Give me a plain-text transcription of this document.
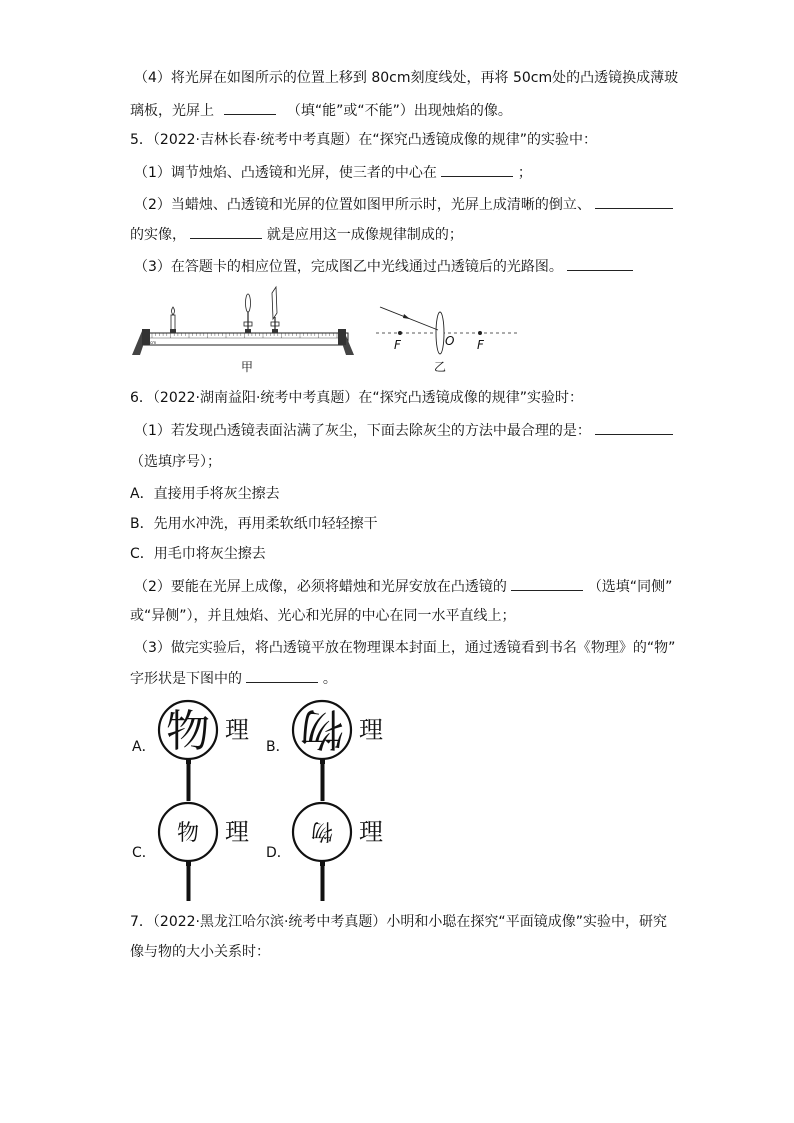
（4）将光屏在如图所示的位置上移到 80cm刻度线处，再将 50cm处的凸透镜换成薄玻
璃板，光屏上	（填“能”或“不能”）出现烛焰的像。
5．（2022·吉林长春·统考中考真题）在“探究凸透镜成像的规律”的实验中：
（1）调节烛焰、凸透镜和光屏，使三者的中心在	；
（2）当蜡烛、凸透镜和光屏的位置如图甲所示时，光屏上成清晰的倒立、
的实像，	就是应用这一成像规律制成的；
（3）在答题卡的相应位置，完成图乙中光线通过凸透镜后的光路图。
cm
甲
F	O F
乙
6．（2022·湖南益阳·统考中考真题）在“探究凸透镜成像的规律”实验时：
（1）若发现凸透镜表面沾满了灰尘，下面去除灰尘的方法中最合理的是：
（选填序号）；
A．直接用手将灰尘擦去
B．先用水冲洗，再用柔软纸巾轻轻擦干
C．用毛巾将灰尘擦去
（2）要能在光屏上成像，必须将蜡烛和光屏安放在凸透镜的	（选填“同侧”
或“异侧”），并且烛焰、光心和光屏的中心在同一水平直线上；
（3）做完实验后，将凸透镜平放在物理课本封面上，通过透镜看到书名《物理》的“物”
字形状是下图中的	。
A． 物 理
B． 物 理
C．
物 理
D．
物 理
7．（2022·黑龙江哈尔滨·统考中考真题）小明和小聪在探究“平面镜成像”实验中，研究
像与物的大小关系时：
